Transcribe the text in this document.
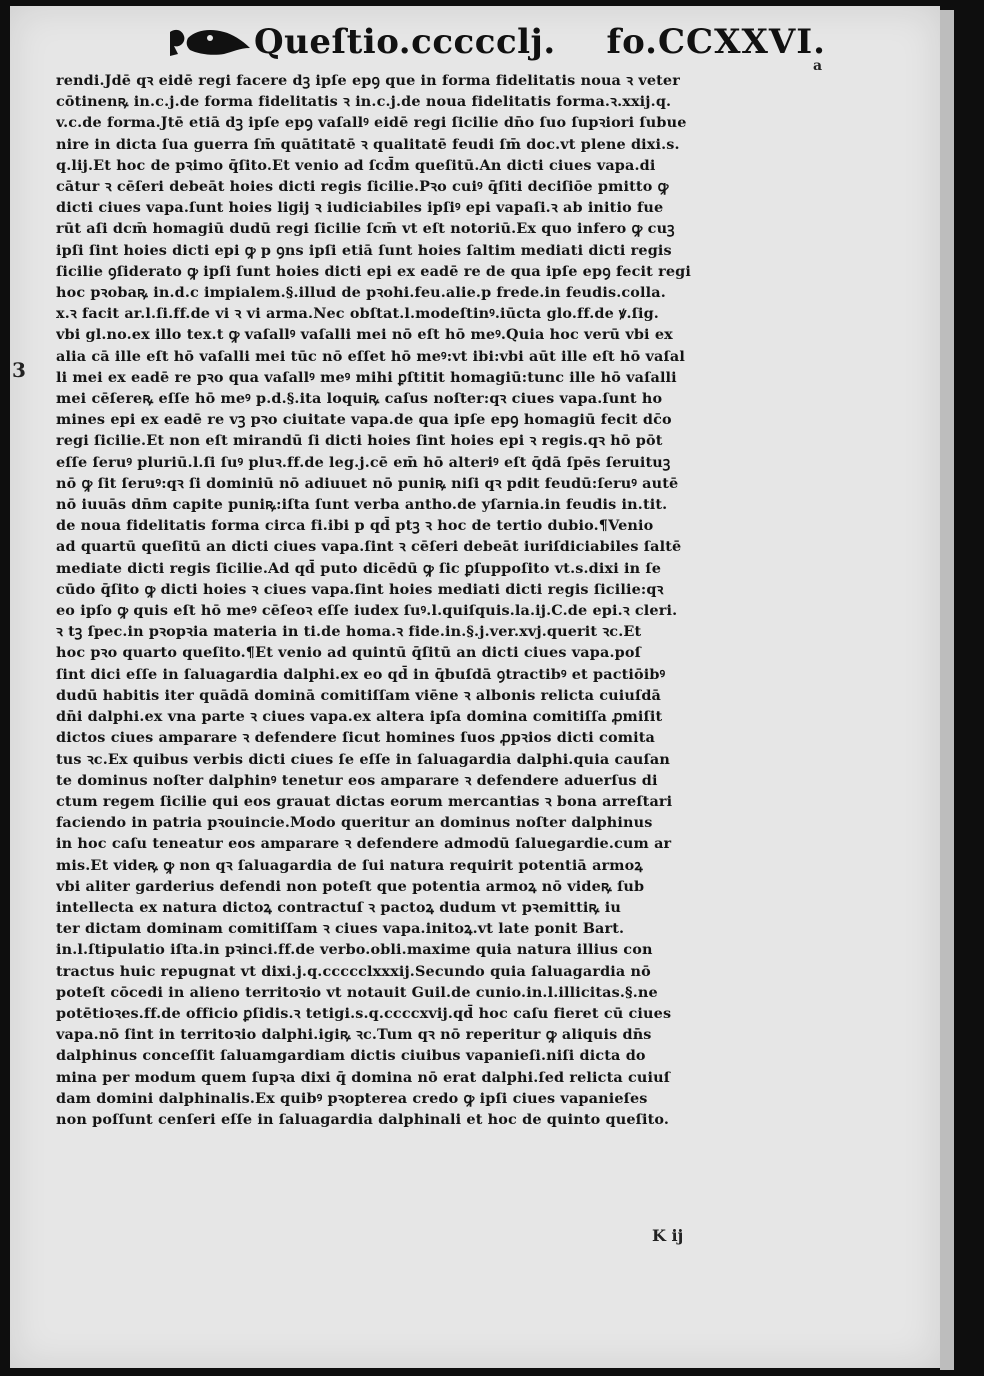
Queſtio.ccccclj. fo.CCXXVI.
a
3
rendi.Jdē qꝛ eidē regi facere dꝫ ipſe epꝯ que in forma fidelitatis noua ꝛ veter
cōtinenꝶ in.c.j.de forma fidelitatis ꝛ in.c.j.de noua fidelitatis forma.ꝛ.xxij.q.
v.c.de forma.Jtē etiā dꝫ ipſe epꝯ vaſallꝰ eidē regi ſicilie dn̄o ſuo ſupꝛiori ſubue
nire in dicta ſua guerra ſm̄ quātitatē ꝛ qualitatē feudi ſm̄ doc.vt plene dixi.s.
q.lij.Et hoc de pꝛimo q̄ſito.Et venio ad ſcd̄m queſitū.An dicti ciues vapa.di
cātur ꝛ cēſeri debeāt hoies dicti regis ſicilie.Pꝛo cuiꝰ q̄ſiti deciſiōe pmitto ꝙ
dicti ciues vapa.ſunt hoies ligij ꝛ iudiciabiles ipſiꝰ epi vapaſi.ꝛ ab initio fue
rūt aſi dcm̄ homagiū dudū regi ſicilie ſcm̄ vt eſt notoriū.Ex quo infero ꝙ cuꝫ
ipſi ſint hoies dicti epi ꝙ p ꝯns ipſi etiā ſunt hoies ſaltim mediati dicti regis
ſicilie ꝯſiderato ꝙ ipſi ſunt hoies dicti epi ex eadē re de qua ipſe epꝯ fecit regi
hoc pꝛobaꝶ in.d.c impialem.§.illud de pꝛohi.feu.alie.p frede.in feudis.colla.
x.ꝛ facit ar.l.ſi.ff.de vi ꝛ vi arma.Nec obſtat.l.modeſtinꝰ.iūcta glo.ff.de ꝟ.ſig.
vbi gl.no.ex illo tex.t ꝙ vaſallꝰ vaſalli mei nō eſt hō meꝰ.Quia hoc verū vbi ex
alia cā ille eſt hō vaſalli mei tūc nō eſſet hō meꝰ:vt ibi:vbi aūt ille eſt hō vaſal
li mei ex eadē re pꝛo qua vaſallꝰ meꝰ mihi ꝑſtitit homagiū:tunc ille hō vaſalli
mei cēſereꝶ eſſe hō meꝰ p.d.§.ita loquiꝶ caſus noſter:qꝛ ciues vapa.ſunt ho
mines epi ex eadē re vꝫ pꝛo ciuitate vapa.de qua ipſe epꝯ homagiū fecit dc̄o
regi ſicilie.Et non eſt mirandū ſi dicti hoies ſint hoies epi ꝛ regis.qꝛ hō pōt
eſſe ſeruꝰ pluriū.l.ſi ſuꝰ pluꝛ.ff.de leg.j.cē em̄ hō alteriꝰ eſt q̄dā ſpēs ſeruituꝫ
nō ꝙ ſit ſeruꝰ:qꝛ ſi dominiū nō adiuuet nō puniꝶ niſi qꝛ pdit feudū:ſeruꝰ autē
nō iuuās dn̄m capite puniꝶ:iſta ſunt verba antho.de yſarnia.in feudis in.tit.
de noua fidelitatis forma circa fi.ibi p qd̄ ptꝫ ꝛ hoc de tertio dubio.¶Venio
ad quartū queſitū an dicti ciues vapa.ſint ꝛ cēſeri debeāt iuriſdiciabiles ſaltē
mediate dicti regis ſicilie.Ad qd̄ puto dicēdū ꝙ ſic ꝑſuppoſito vt.s.dixi in ſe
cūdo q̄ſito ꝙ dicti hoies ꝛ ciues vapa.ſint hoies mediati dicti regis ſicilie:qꝛ
eo ipſo ꝙ quis eſt hō meꝰ cēſeoꝛ eſſe iudex ſuꝰ.l.quiſquis.la.ij.C.de epi.ꝛ cleri.
ꝛ tꝫ ſpec.in pꝛopꝛia materia in ti.de homa.ꝛ fide.in.§.j.ver.xvj.querit ꝛc.Et
hoc pꝛo quarto queſito.¶Et venio ad quintū q̄ſitū an dicti ciues vapa.poſ
ſint dici eſſe in ſaluagardia dalphi.ex eo qd̄ in q̄buſdā ꝯtractibꝰ et pactiōibꝰ
dudū habitis iter quādā dominā comitiſſam viēne ꝛ albonis relicta cuiuſdā
dn̄i dalphi.ex vna parte ꝛ ciues vapa.ex altera ipſa domina comitiſſa ꝓmiſit
dictos ciues amparare ꝛ defendere ſicut homines ſuos ꝓpꝛios dicti comita
tus ꝛc.Ex quibus verbis dicti ciues ſe eſſe in ſaluagardia dalphi.quia cauſan
te dominus noſter dalphinꝰ tenetur eos amparare ꝛ defendere aduerſus di
ctum regem ſicilie qui eos grauat dictas eorum mercantias ꝛ bona arreſtari
faciendo in patria pꝛouincie.Modo queritur an dominus noſter dalphinus
in hoc caſu teneatur eos amparare ꝛ defendere admodū ſaluegardie.cum ar
mis.Et videꝶ ꝙ non qꝛ ſaluagardia de ſui natura requirit potentiā armoꝝ
vbi aliter garderius defendi non poteſt que potentia armoꝝ nō videꝶ ſub
intellecta ex natura dictoꝝ contractuſ ꝛ pactoꝝ dudum vt pꝛemittiꝶ iu
ter dictam dominam comitiſſam ꝛ ciues vapa.initoꝝ.vt late ponit Bart.
in.l.ſtipulatio iſta.in pꝛinci.ff.de verbo.obli.maxime quia natura illius con
tractus huic repugnat vt dixi.j.q.ccccclxxxij.Secundo quia ſaluagardia nō
poteſt cōcedi in alieno territoꝛio vt notauit Guil.de cunio.in.l.illicitas.§.ne
potētioꝛes.ff.de officio ꝑſidis.ꝛ tetigi.s.q.ccccxvij.qd̄ hoc caſu fieret cū ciues
vapa.nō ſint in territoꝛio dalphi.igiꝶ ꝛc.Tum qꝛ nō reperitur ꝙ aliquis dn̄s
dalphinus conceſſit ſaluamgardiam dictis ciuibus vapanieſi.niſi dicta do
mina per modum quem ſupꝛa dixi q̄ domina nō erat dalphi.ſed relicta cuiuſ
dam domini dalphinalis.Ex quibꝰ pꝛopterea credo ꝙ ipſi ciues vapanieſes
non poſſunt cenſeri eſſe in ſaluagardia dalphinali et hoc de quinto queſito.
K ij
